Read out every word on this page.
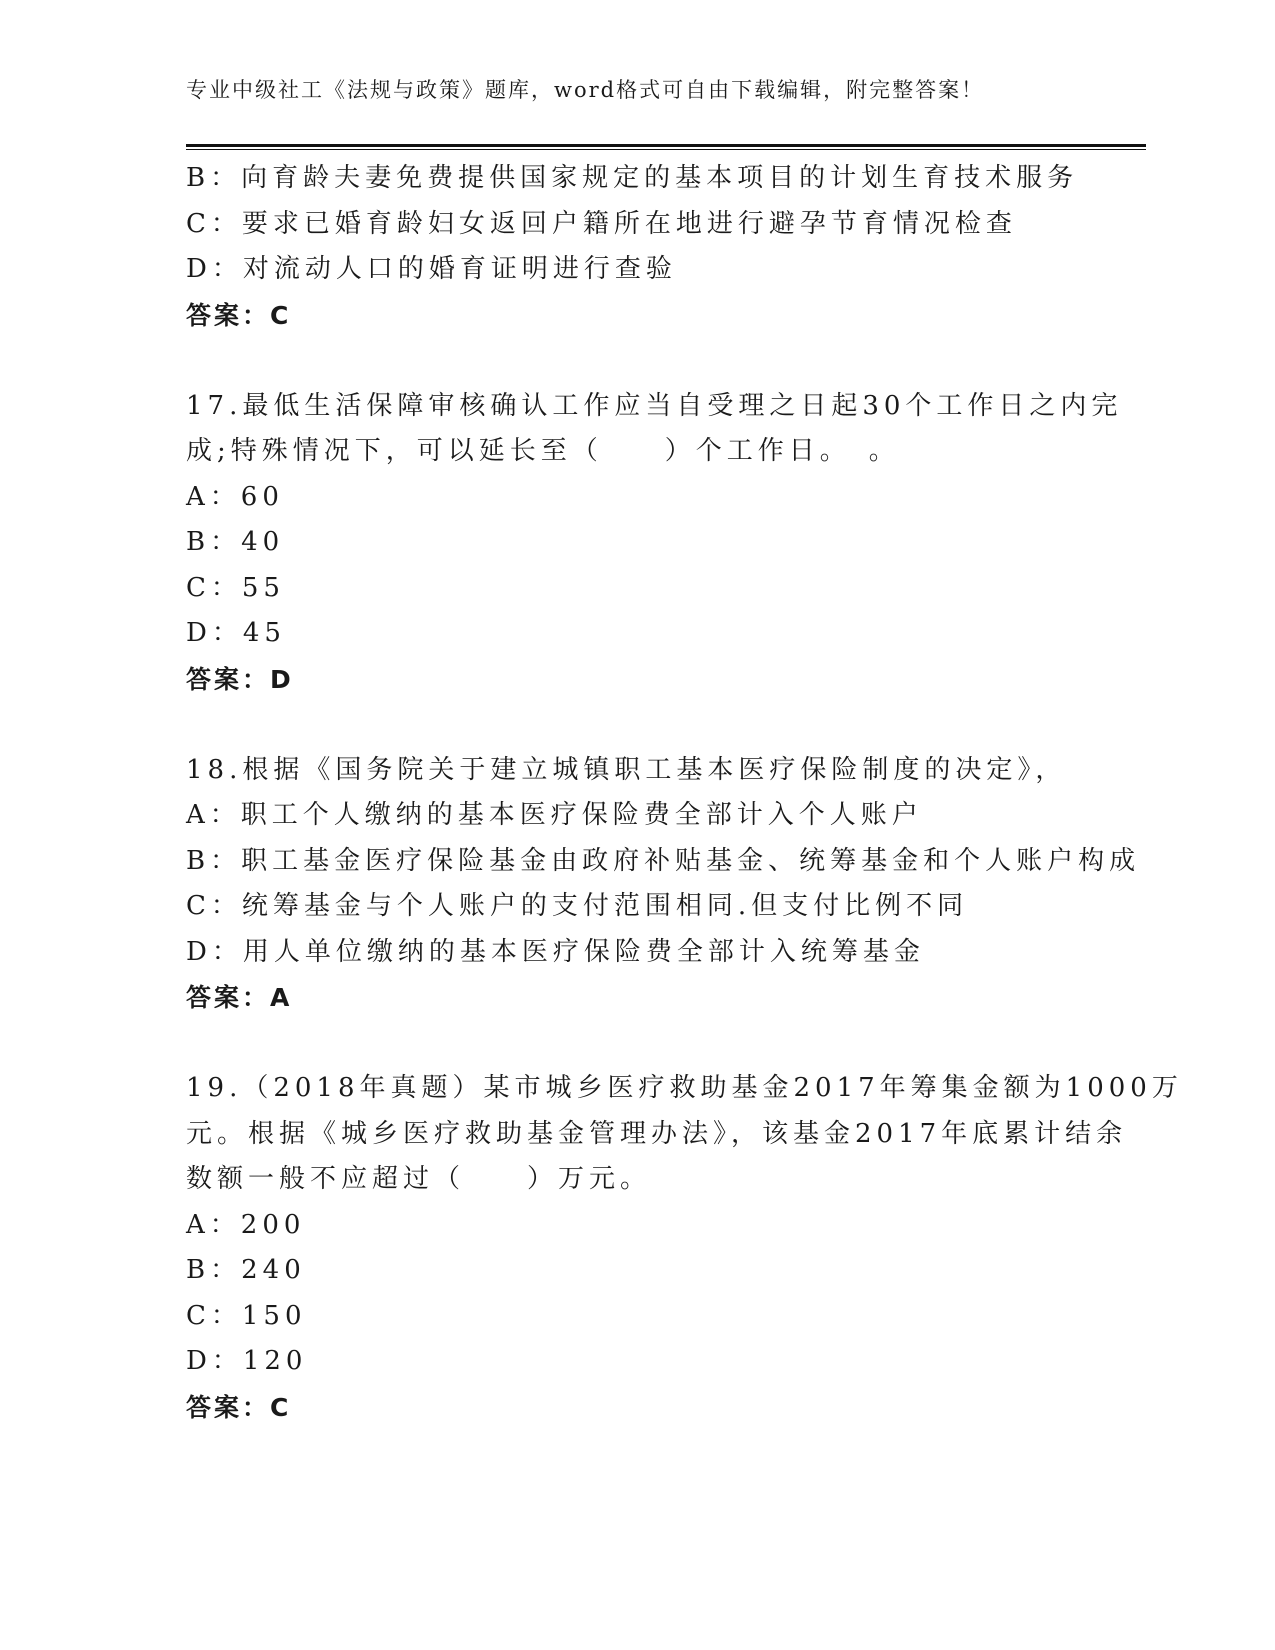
专业中级社工《法规与政策》题库，word格式可自由下载编辑，附完整答案！
B：向育龄夫妻免费提供国家规定的基本项目的计划生育技术服务
C：要求已婚育龄妇女返回户籍所在地进行避孕节育情况检查
D：对流动人口的婚育证明进行查验
答案：C
17.最低生活保障审核确认工作应当自受理之日起30个工作日之内完
成;特殊情况下，可以延长至（　　）个工作日。　。
A：60
B：40
C：55
D：45
答案：D
18.根据《国务院关于建立城镇职工基本医疗保险制度的决定》，
A：职工个人缴纳的基本医疗保险费全部计入个人账户
B：职工基金医疗保险基金由政府补贴基金、统筹基金和个人账户构成
C：统筹基金与个人账户的支付范围相同.但支付比例不同
D：用人单位缴纳的基本医疗保险费全部计入统筹基金
答案：A
19.（2018年真题）某市城乡医疗救助基金2017年筹集金额为1000万
元。根据《城乡医疗救助基金管理办法》，该基金2017年底累计结余
数额一般不应超过（　　）万元。
A：200
B：240
C：150
D：120
答案：C
